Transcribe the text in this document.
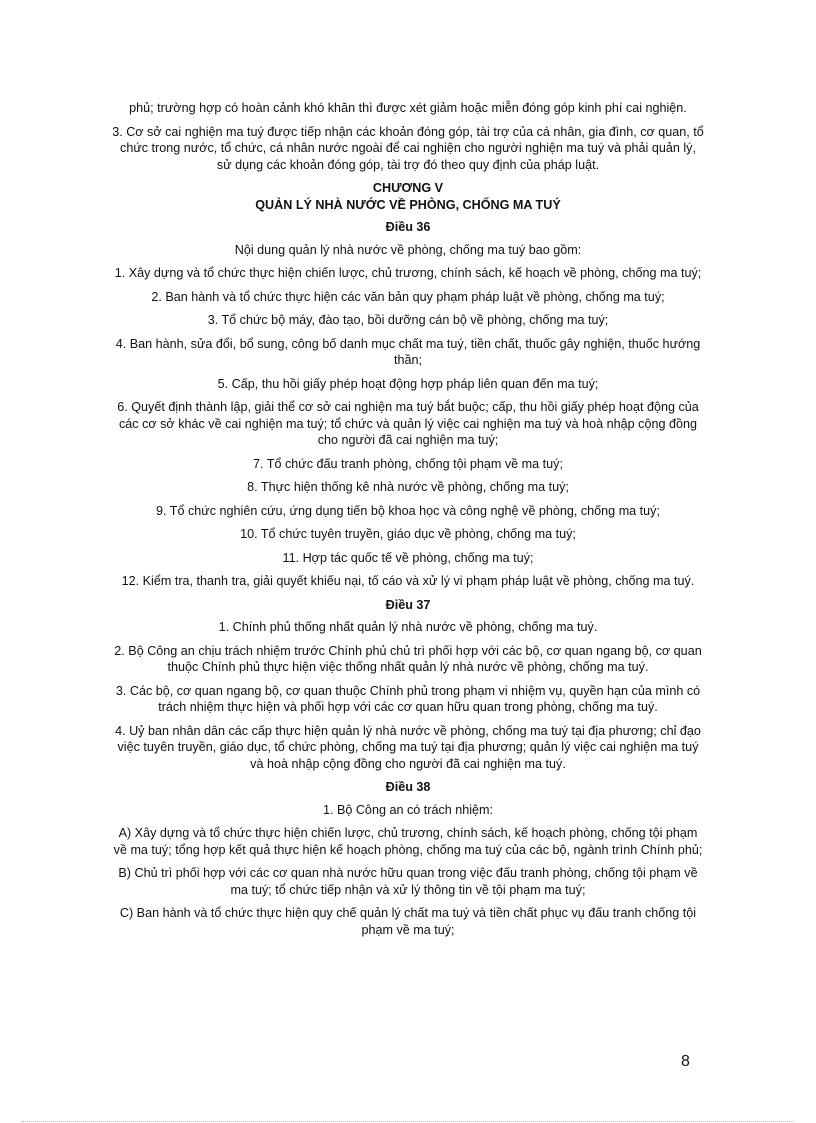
phủ; trường hợp có hoàn cảnh khó khăn thì được xét giảm hoặc miễn đóng góp kinh phí cai nghiện.

3. Cơ sở cai nghiện ma tuý được tiếp nhận các khoản đóng góp, tài trợ của cá nhân, gia đình, cơ quan, tổ chức trong nước, tổ chức, cá nhân nước ngoài để cai nghiện cho người nghiện ma tuý và phải quản lý, sử dụng các khoản đóng góp, tài trợ đó theo quy định của pháp luật.

CHƯƠNG V

QUẢN LÝ NHÀ NƯỚC VỀ PHÒNG, CHỐNG MA TUÝ

Điều 36

Nội dung quản lý nhà nước về phòng, chống ma tuý bao gồm:

1. Xây dựng và tổ chức thực hiện chiến lược, chủ trương, chính sách, kế hoạch về phòng, chống ma tuý;

2. Ban hành và tổ chức thực hiện các văn bản quy phạm pháp luật về phòng, chống ma tuý;

3. Tổ chức bộ máy, đào tạo, bồi dưỡng cán bộ về phòng, chống ma tuý;

4. Ban hành, sửa đổi, bổ sung, công bố danh mục chất ma tuý, tiền chất, thuốc gây nghiện, thuốc hướng thần;

5. Cấp, thu hồi giấy phép hoạt động hợp pháp liên quan đến ma tuý;

6. Quyết định thành lập, giải thể cơ sở cai nghiện ma tuý bắt buộc; cấp, thu hồi giấy phép hoạt động của các cơ sở khác về cai nghiện ma tuý; tổ chức và quản lý việc cai nghiện ma tuý và hoà nhập cộng đồng cho người đã cai nghiện ma tuý;

7. Tổ chức đấu tranh phòng, chống tội phạm về ma tuý;

8. Thực hiện thống kê nhà nước về phòng, chống ma tuý;

9. Tổ chức nghiên cứu, ứng dụng tiến bộ khoa học và công nghệ về phòng, chống ma tuý;

10. Tổ chức tuyên truyền, giáo dục về phòng, chống ma tuý;

11. Hợp tác quốc tế về phòng, chống ma tuý;

12. Kiểm tra, thanh tra, giải quyết khiếu nại, tố cáo và xử lý vi phạm pháp luật về phòng, chống ma tuý.

Điều 37

1. Chính phủ thống nhất quản lý nhà nước về phòng, chống ma tuý.

2. Bộ Công an chịu trách nhiệm trước Chính phủ chủ trì phối hợp với các bộ, cơ quan ngang bộ, cơ quan thuộc Chính phủ thực hiện việc thống nhất quản lý nhà nước về phòng, chống ma tuý.

3. Các bộ, cơ quan ngang bộ, cơ quan thuộc Chính phủ trong phạm vi nhiệm vụ, quyền hạn của mình có trách nhiệm thực hiện và phối hợp với các cơ quan hữu quan trong phòng, chống ma tuý.

4. Uỷ ban nhân dân các cấp thực hiện quản lý nhà nước về phòng, chống ma tuý tại địa phương; chỉ đạo việc tuyên truyền, giáo dục, tổ chức phòng, chống ma tuý tại địa phương; quản lý việc cai nghiện ma tuý và hoà nhập cộng đồng cho người đã cai nghiện ma tuý.

Điều 38

1. Bộ Công an có trách nhiệm:

A) Xây dựng và tổ chức thực hiện chiến lược, chủ trương, chính sách, kế hoạch phòng, chống tội phạm về ma tuý; tổng hợp kết quả thực hiện kế hoạch phòng, chống ma tuý của các bộ, ngành trình Chính phủ;

B) Chủ trì phối hợp với các cơ quan nhà nước hữu quan trong việc đấu tranh phòng, chống tội phạm về ma tuý; tổ chức tiếp nhận và xử lý thông tin về tội phạm ma tuý;

C) Ban hành và tổ chức thực hiện quy chế quản lý chất ma tuý và tiền chất phục vụ đấu tranh chống tội phạm về ma tuý;

8
